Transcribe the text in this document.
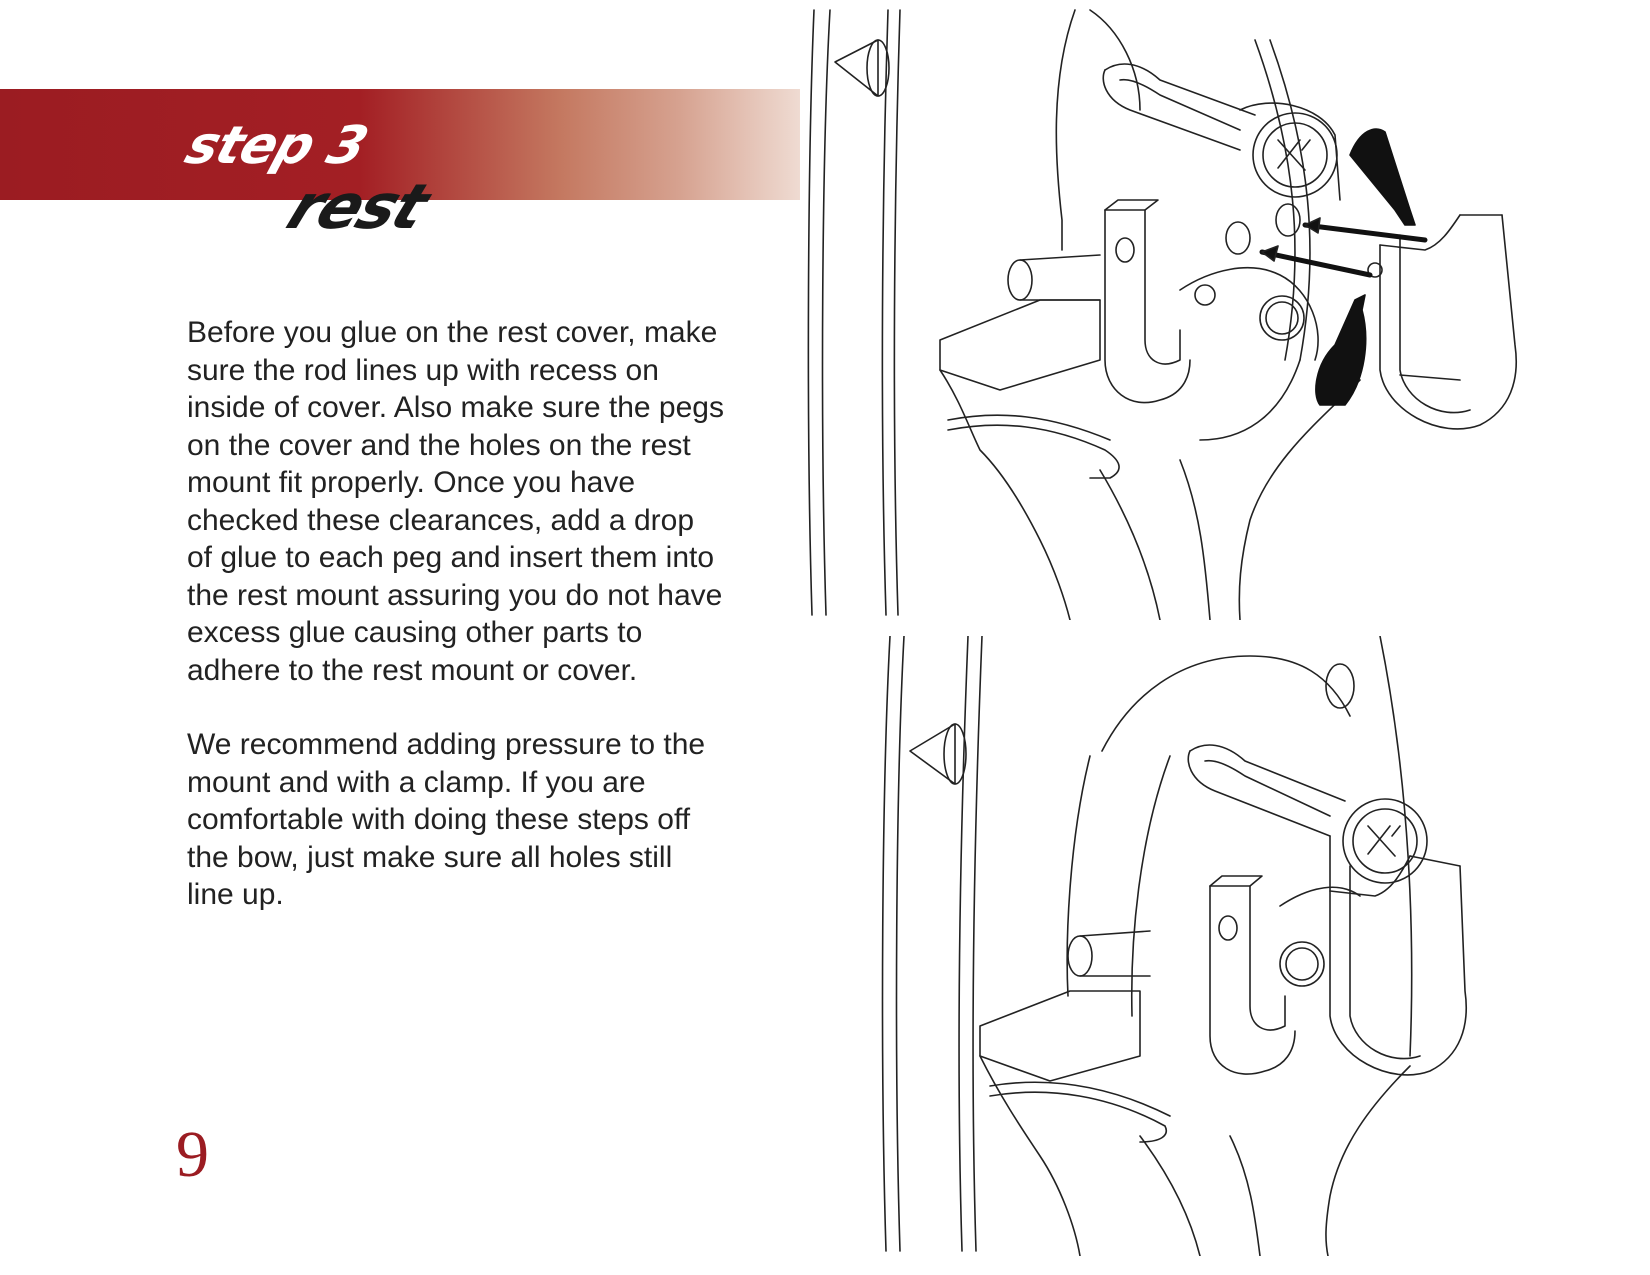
step 3
rest

Before you glue on the rest cover, make sure the rod lines up with recess on inside of cover. Also make sure the pegs on the cover and the holes on the rest mount fit properly. Once you have checked these clearances, add a drop of glue to each peg and insert them into the rest mount assuring you do not have excess glue causing other parts to adhere to the rest mount or cover.

We recommend adding pressure to the mount and with a clamp. If you are comfortable with doing these steps off the bow, just make sure all holes still line up.

9
